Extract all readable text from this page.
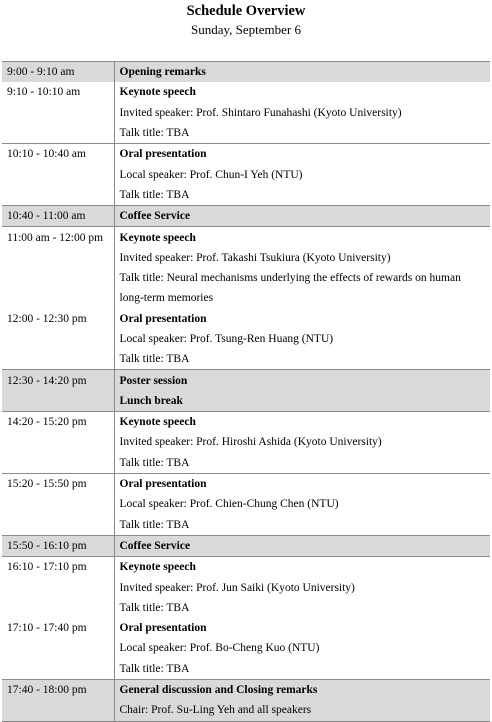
Schedule Overview
Sunday, September 6
9:00 - 9:10 am	Opening remarks
9:10 - 10:10 am	Keynote speech
	Invited speaker: Prof. Shintaro Funahashi (Kyoto University)
	Talk title: TBA
10:10 - 10:40 am	Oral presentation
	Local speaker: Prof. Chun-I Yeh (NTU)
	Talk title: TBA
10:40 - 11:00 am	Coffee Service
11:00 am - 12:00 pm	Keynote speech
	Invited speaker: Prof. Takashi Tsukiura (Kyoto University)
	Talk title: Neural mechanisms underlying the effects of rewards on human
	long-term memories
12:00 - 12:30 pm	Oral presentation
	Local speaker: Prof. Tsung-Ren Huang (NTU)
	Talk title: TBA
12:30 - 14:20 pm	Poster session
	Lunch break
14:20 - 15:20 pm	Keynote speech
	Invited speaker: Prof. Hiroshi Ashida (Kyoto University)
	Talk title: TBA
15:20 - 15:50 pm	Oral presentation
	Local speaker: Prof. Chien-Chung Chen (NTU)
	Talk title: TBA
15:50 - 16:10 pm	Coffee Service
16:10 - 17:10 pm	Keynote speech
	Invited speaker: Prof. Jun Saiki (Kyoto University)
	Talk title: TBA
17:10 - 17:40 pm	Oral presentation
	Local speaker: Prof. Bo-Cheng Kuo (NTU)
	Talk title: TBA
17:40 - 18:00 pm	General discussion and Closing remarks
	Chair: Prof. Su-Ling Yeh and all speakers
